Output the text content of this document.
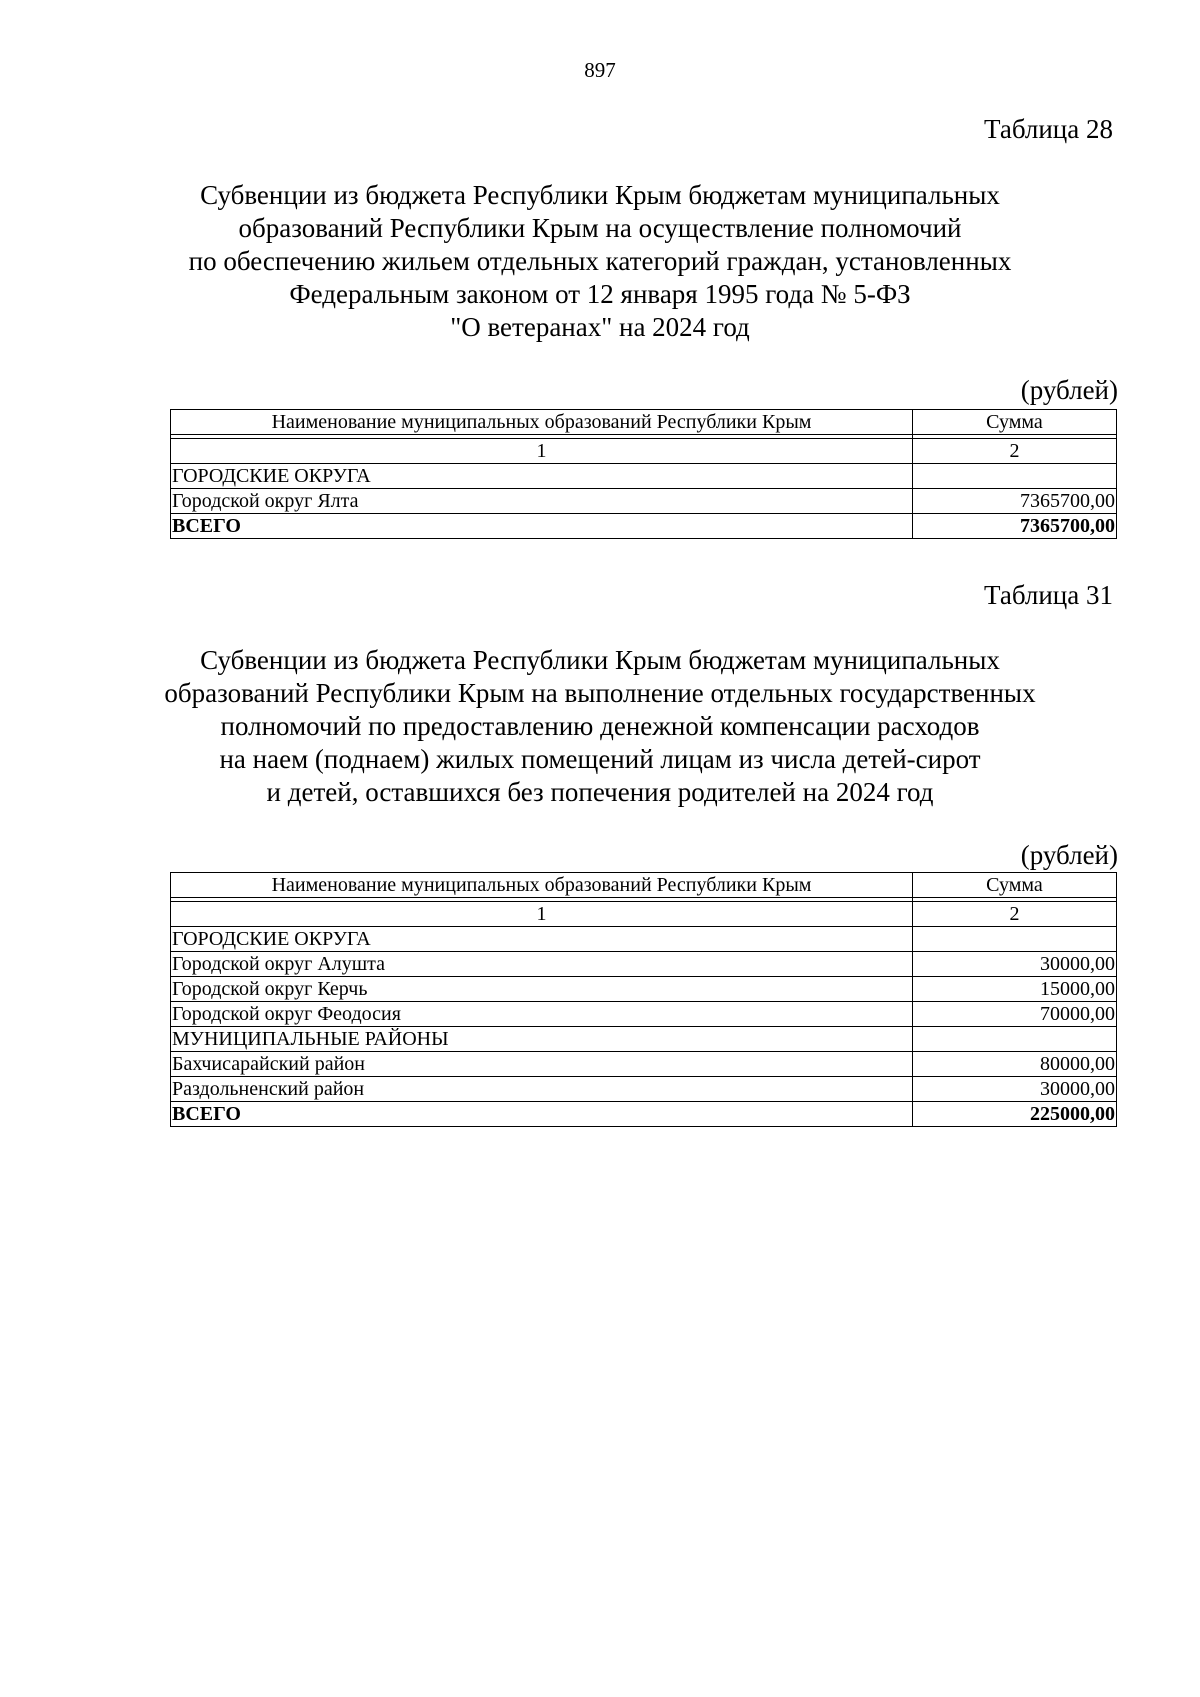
897
Таблица 28
Субвенции из бюджета Республики Крым бюджетам муниципальных
образований Республики Крым на осуществление полномочий
по обеспечению жильем отдельных категорий граждан, установленных
Федеральным законом от 12 января 1995 года № 5-ФЗ
"О ветеранах" на 2024 год
(рублей)
Наименование муниципальных образований Республики Крым	Сумма

1	2
ГОРОДСКИЕ ОКРУГА	
Городской округ Ялта	7365700,00
ВСЕГО	7365700,00
Таблица 31
Субвенции из бюджета Республики Крым бюджетам муниципальных
образований Республики Крым на выполнение отдельных государственных
полномочий по предоставлению денежной компенсации расходов
на наем (поднаем) жилых помещений лицам из числа детей-сирот
и детей, оставшихся без попечения родителей на 2024 год
(рублей)
Наименование муниципальных образований Республики Крым	Сумма

1	2
ГОРОДСКИЕ ОКРУГА	
Городской округ Алушта	30000,00
Городской округ Керчь	15000,00
Городской округ Феодосия	70000,00
МУНИЦИПАЛЬНЫЕ РАЙОНЫ	
Бахчисарайский район	80000,00
Раздольненский район	30000,00
ВСЕГО	225000,00
